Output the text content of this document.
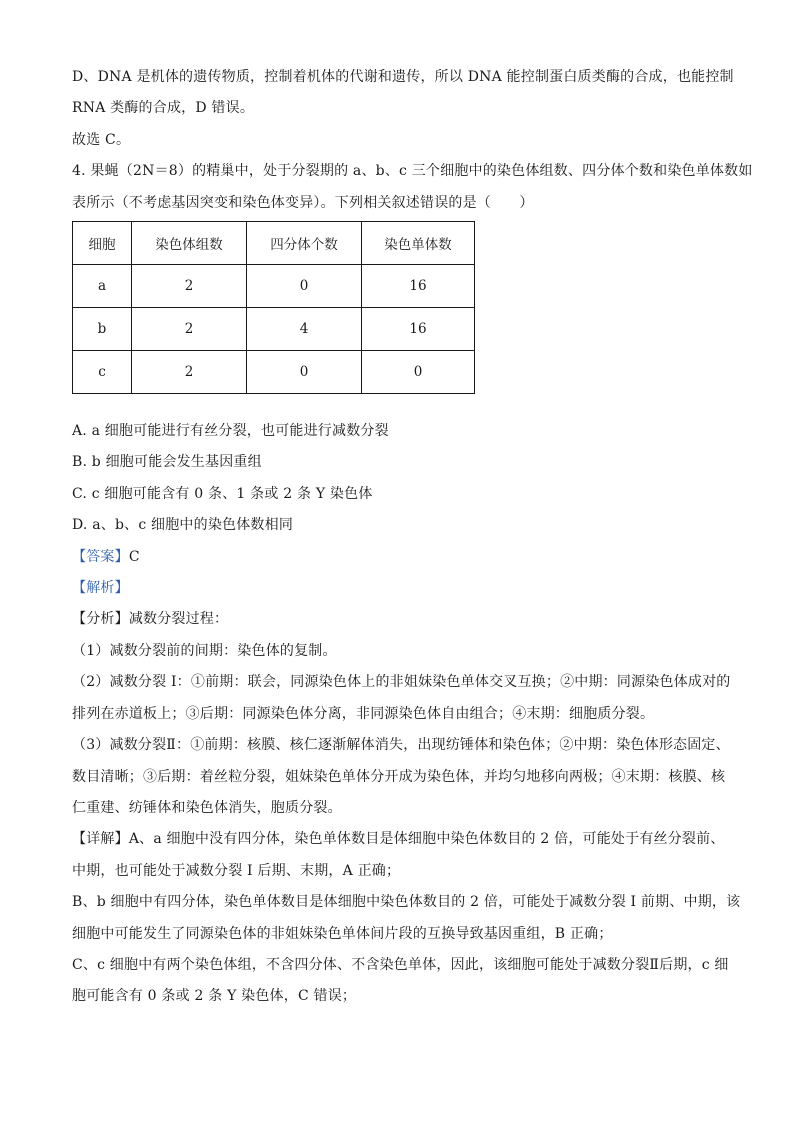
D、DNA 是机体的遗传物质，控制着机体的代谢和遗传，所以 DNA 能控制蛋白质类酶的合成，也能控制

RNA 类酶的合成，D 错误。

故选 C。

4. 果蝇（2N＝8）的精巢中，处于分裂期的 a、b、c 三个细胞中的染色体组数、四分体个数和染色单体数如

表所示（不考虑基因突变和染色体变异）。下列相关叙述错误的是（　　）

细胞	染色体组数	四分体个数	染色单体数
a	2	0	16
b	2	4	16
c	2	0	0

A. a 细胞可能进行有丝分裂，也可能进行减数分裂

B. b 细胞可能会发生基因重组

C. c 细胞可能含有 0 条、1 条或 2 条 Y 染色体

D. a、b、c 细胞中的染色体数相同

【答案】C

【解析】

【分析】减数分裂过程：

（1）减数分裂前的间期：染色体的复制。

（2）减数分裂 I：①前期：联会，同源染色体上的非姐妹染色单体交叉互换；②中期：同源染色体成对的

排列在赤道板上；③后期：同源染色体分离，非同源染色体自由组合；④末期：细胞质分裂。

（3）减数分裂Ⅱ：①前期：核膜、核仁逐渐解体消失，出现纺锤体和染色体；②中期：染色体形态固定、

数目清晰；③后期：着丝粒分裂，姐妹染色单体分开成为染色体，并均匀地移向两极；④末期：核膜、核

仁重建、纺锤体和染色体消失，胞质分裂。

【详解】A、a 细胞中没有四分体，染色单体数目是体细胞中染色体数目的 2 倍，可能处于有丝分裂前、

中期，也可能处于减数分裂 I 后期、末期，A 正确；

B、b 细胞中有四分体，染色单体数目是体细胞中染色体数目的 2 倍，可能处于减数分裂 I 前期、中期，该

细胞中可能发生了同源染色体的非姐妹染色单体间片段的互换导致基因重组，B 正确；

C、c 细胞中有两个染色体组，不含四分体、不含染色单体，因此，该细胞可能处于减数分裂Ⅱ后期，c 细

胞可能含有 0 条或 2 条 Y 染色体，C 错误；
